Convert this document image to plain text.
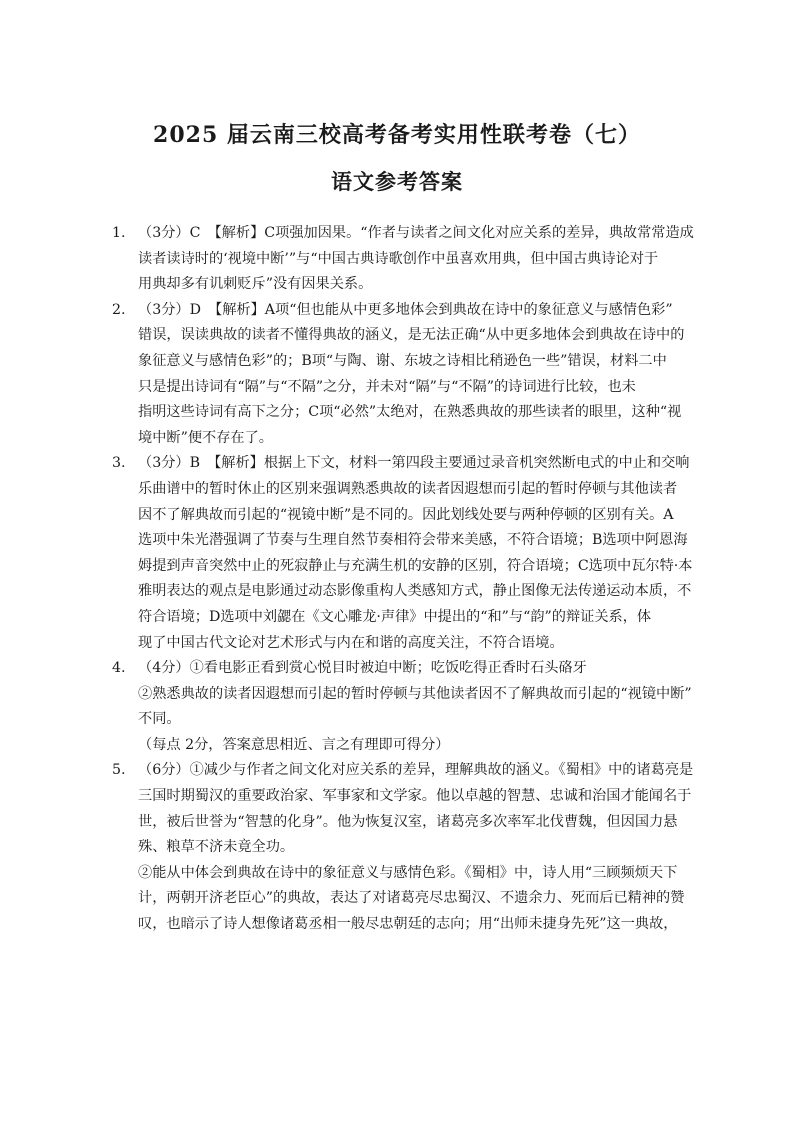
2025 届云南三校高考备考实用性联考卷（七）
语文参考答案
1. （3分）C　【解析】C项强加因果。“作者与读者之间文化对应关系的差异，典故常常造成
读者读诗时的‘视境中断’”与“中国古典诗歌创作中虽喜欢用典，但中国古典诗论对于
用典却多有讥刺贬斥”没有因果关系。
2. （3分）D　【解析】A项“但也能从中更多地体会到典故在诗中的象征意义与感情色彩”
错误，误读典故的读者不懂得典故的涵义，是无法正确“从中更多地体会到典故在诗中的
象征意义与感情色彩”的；B项“与陶、谢、东坡之诗相比稍逊色一些”错误，材料二中
只是提出诗词有“隔”与“不隔”之分，并未对“隔”与“不隔”的诗词进行比较，也未
指明这些诗词有高下之分；C项“必然”太绝对，在熟悉典故的那些读者的眼里，这种“视
境中断”便不存在了。
3. （3分）B　【解析】根据上下文，材料一第四段主要通过录音机突然断电式的中止和交响
乐曲谱中的暂时休止的区别来强调熟悉典故的读者因遐想而引起的暂时停顿与其他读者
因不了解典故而引起的“视镜中断”是不同的。因此划线处要与两种停顿的区别有关。A
选项中朱光潜强调了节奏与生理自然节奏相符会带来美感，不符合语境；B选项中阿恩海
姆提到声音突然中止的死寂静止与充满生机的安静的区别，符合语境；C选项中瓦尔特·本
雅明表达的观点是电影通过动态影像重构人类感知方式，静止图像无法传递运动本质，不
符合语境；D选项中刘勰在《文心雕龙·声律》中提出的“和”与“韵”的辩证关系，体
现了中国古代文论对艺术形式与内在和谐的高度关注，不符合语境。
4. （4分）①看电影正看到赏心悦目时被迫中断；吃饭吃得正香时石头硌牙
②熟悉典故的读者因遐想而引起的暂时停顿与其他读者因不了解典故而引起的“视镜中断”
不同。
（每点 2分，答案意思相近、言之有理即可得分）
5. （6分）①减少与作者之间文化对应关系的差异，理解典故的涵义。《蜀相》中的诸葛亮是
三国时期蜀汉的重要政治家、军事家和文学家。他以卓越的智慧、忠诚和治国才能闻名于
世，被后世誉为“智慧的化身”。他为恢复汉室，诸葛亮多次率军北伐曹魏，但因国力悬
殊、粮草不济未竟全功。
②能从中体会到典故在诗中的象征意义与感情色彩。《蜀相》中，诗人用“三顾频烦天下
计，两朝开济老臣心”的典故，表达了对诸葛亮尽忠蜀汉、不遗余力、死而后已精神的赞
叹，也暗示了诗人想像诸葛丞相一般尽忠朝廷的志向；用“出师未捷身先死”这一典故，
